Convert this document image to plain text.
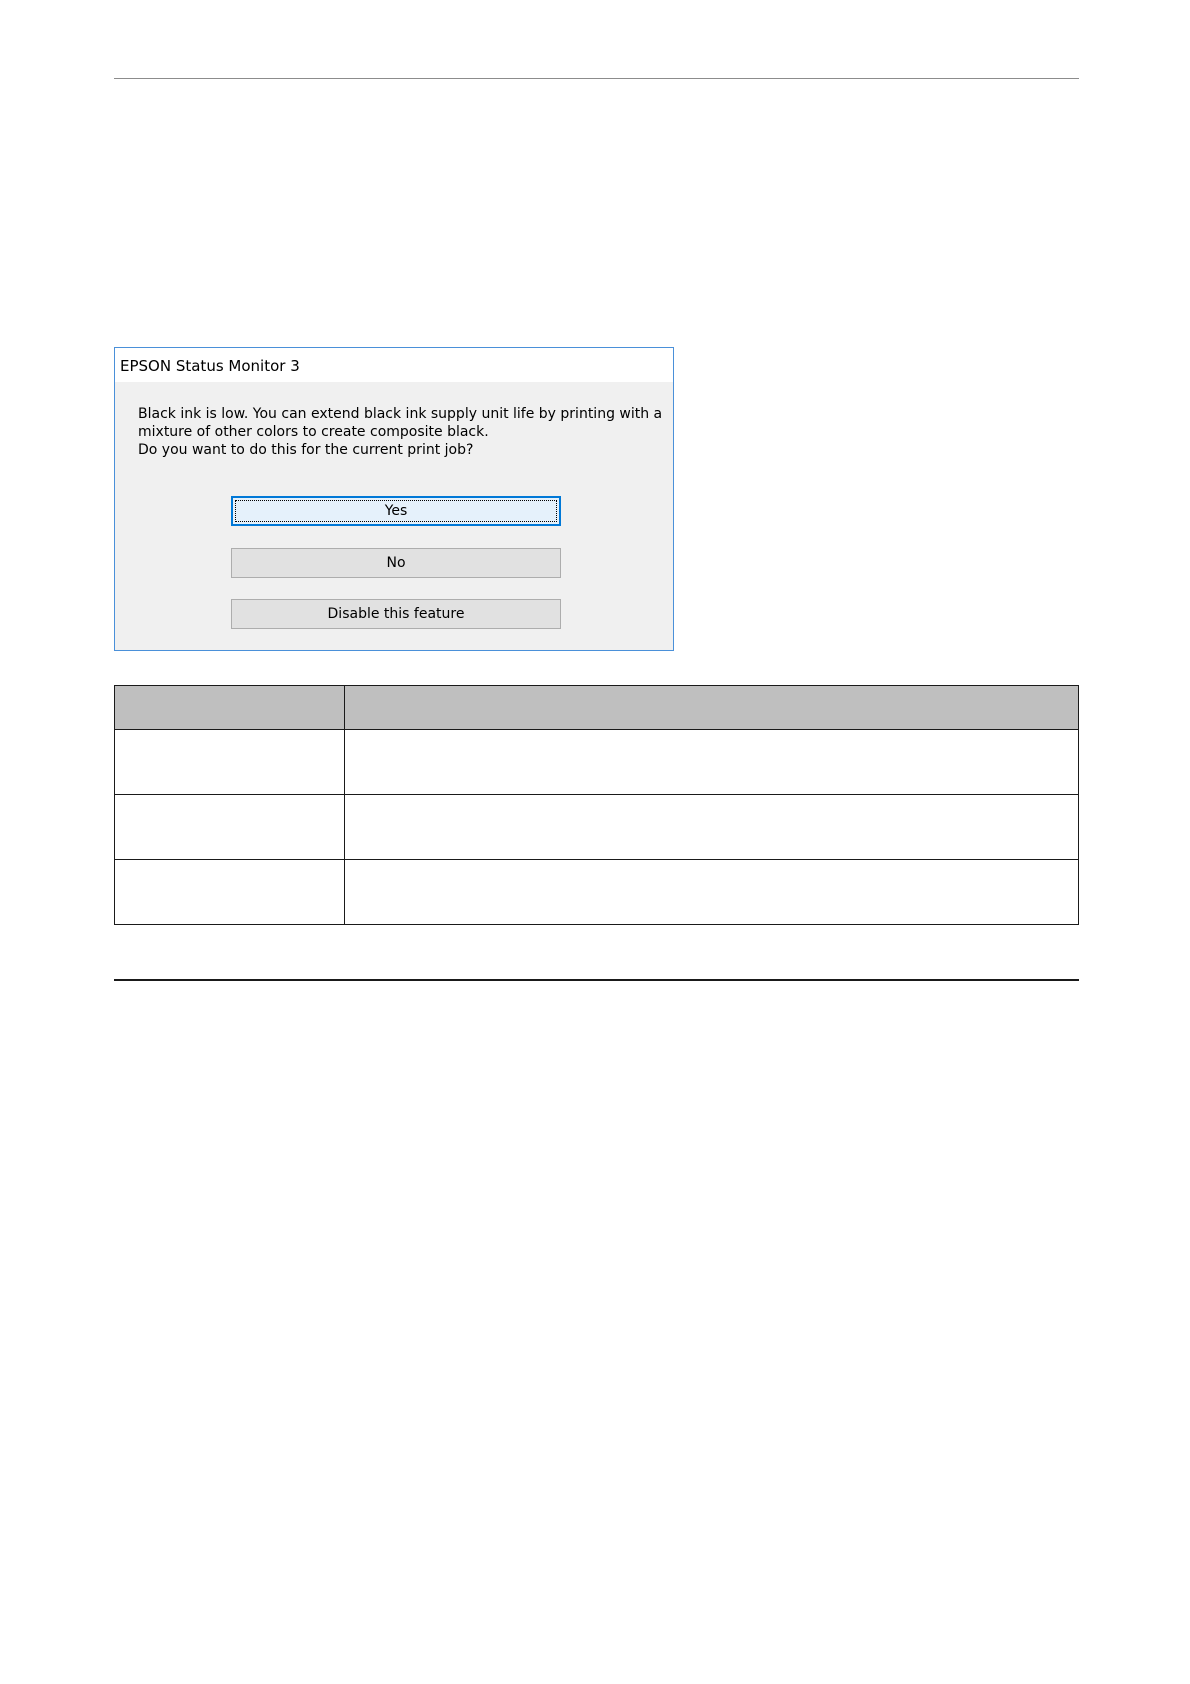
EPSON Status Monitor 3
Black ink is low. You can extend black ink supply unit life by printing with a
mixture of other colors to create composite black.
Do you want to do this for the current print job?
Yes
No
Disable this feature
